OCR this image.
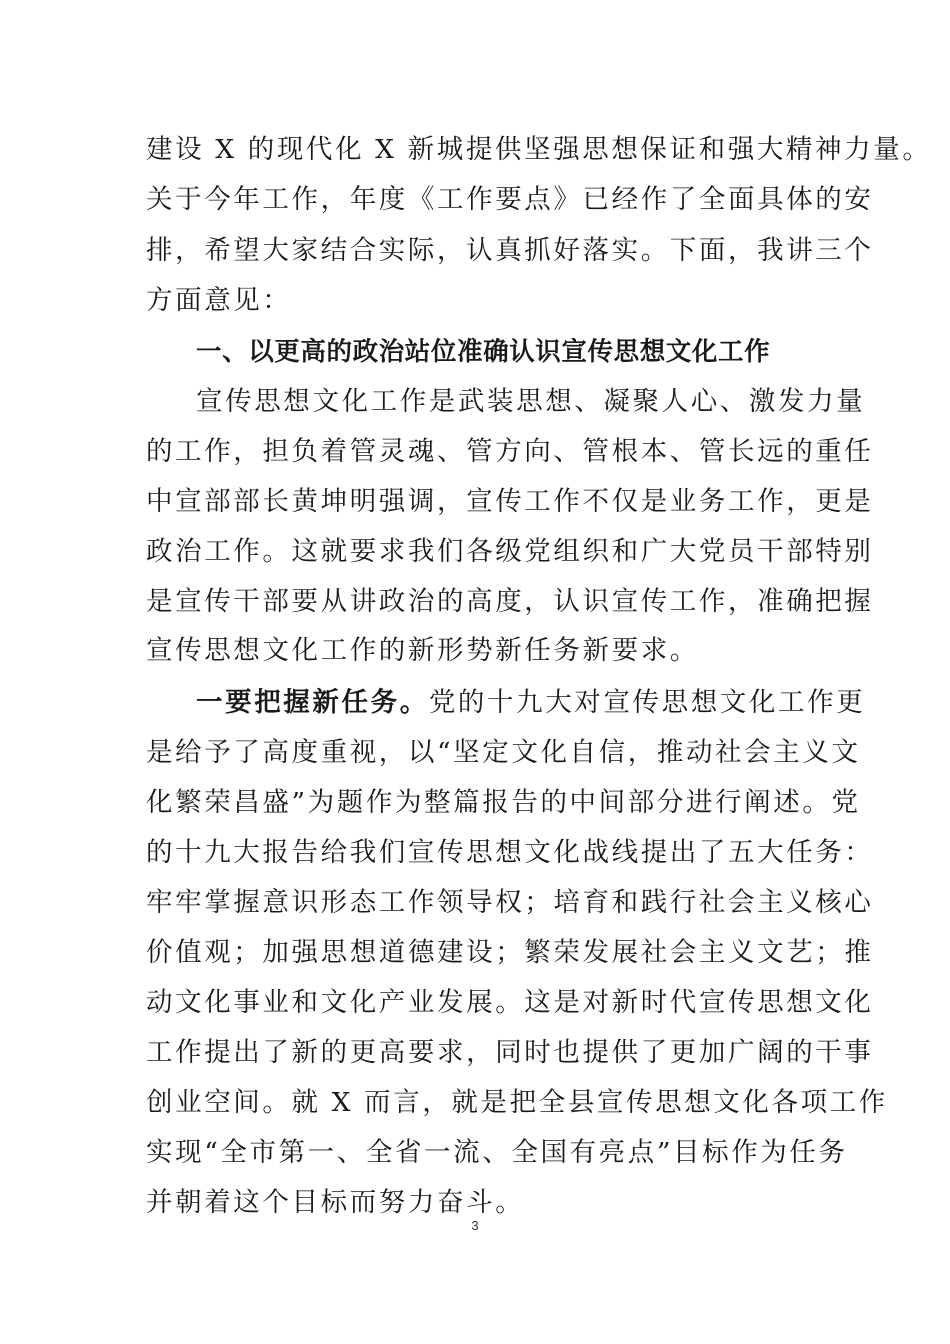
建设 X 的现代化 X 新城提供坚强思想保证和强大精神力量。
关于今年工作，年度《工作要点》已经作了全面具体的安
排，希望大家结合实际，认真抓好落实。下面，我讲三个
方面意见：
一、以更高的政治站位准确认识宣传思想文化工作
宣传思想文化工作是武装思想、凝聚人心、激发力量
的工作，担负着管灵魂、管方向、管根本、管长远的重任
中宣部部长黄坤明强调，宣传工作不仅是业务工作，更是
政治工作。这就要求我们各级党组织和广大党员干部特别
是宣传干部要从讲政治的高度，认识宣传工作，准确把握
宣传思想文化工作的新形势新任务新要求。
一要把握新任务。党的十九大对宣传思想文化工作更
是给予了高度重视，以“坚定文化自信，推动社会主义文
化繁荣昌盛”为题作为整篇报告的中间部分进行阐述。党
的十九大报告给我们宣传思想文化战线提出了五大任务：
牢牢掌握意识形态工作领导权；培育和践行社会主义核心
价值观；加强思想道德建设；繁荣发展社会主义文艺；推
动文化事业和文化产业发展。这是对新时代宣传思想文化
工作提出了新的更高要求，同时也提供了更加广阔的干事
创业空间。就 X 而言，就是把全县宣传思想文化各项工作
实现“全市第一、全省一流、全国有亮点”目标作为任务
并朝着这个目标而努力奋斗。
3
